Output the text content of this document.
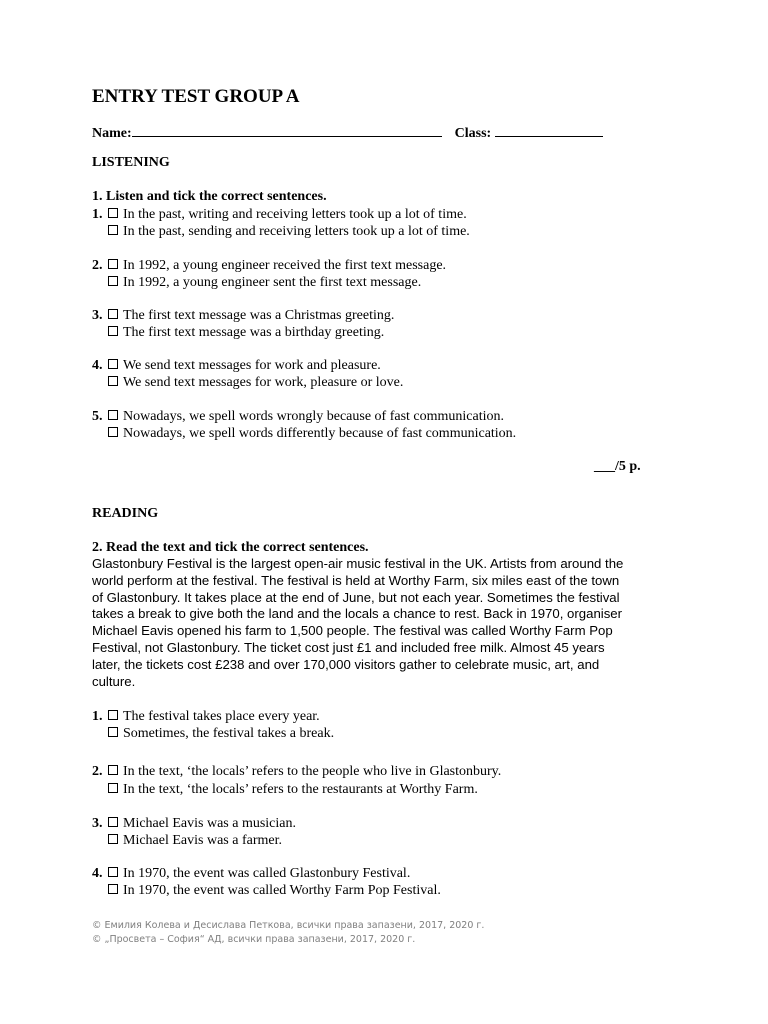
ENTRY TEST GROUP A
Name:	Class:
LISTENING
1. Listen and tick the correct sentences.
1. In the past, writing and receiving letters took up a lot of time.
In the past, sending and receiving letters took up a lot of time.
2. In 1992, a young engineer received the first text message.
In 1992, a young engineer sent the first text message.
3. The first text message was a Christmas greeting.
The first text message was a birthday greeting.
4. We send text messages for work and pleasure.
We send text messages for work, pleasure or love.
5. Nowadays, we spell words wrongly because of fast communication.
Nowadays, we spell words differently because of fast communication.
___/5 p.
READING
2. Read the text and tick the correct sentences.
Glastonbury Festival is the largest open-air music festival in the UK. Artists from around the
world perform at the festival. The festival is held at Worthy Farm, six miles east of the town
of Glastonbury. It takes place at the end of June, but not each year. Sometimes the festival
takes a break to give both the land and the locals a chance to rest. Back in 1970, organiser
Michael Eavis opened his farm to 1,500 people. The festival was called Worthy Farm Pop
Festival, not Glastonbury. The ticket cost just £1 and included free milk. Almost 45 years
later, the tickets cost £238 and over 170,000 visitors gather to celebrate music, art, and
culture.
1. The festival takes place every year.
Sometimes, the festival takes a break.
2. In the text, ‘the locals’ refers to the people who live in Glastonbury.
In the text, ‘the locals’ refers to the restaurants at Worthy Farm.
3. Michael Eavis was a musician.
Michael Eavis was a farmer.
4. In 1970, the event was called Glastonbury Festival.
In 1970, the event was called Worthy Farm Pop Festival.
© Емилия Колева и Десислава Петкова, всички права запазени, 2017, 2020 г.
© „Просвета – София“ АД, всички права запазени, 2017, 2020 г.
